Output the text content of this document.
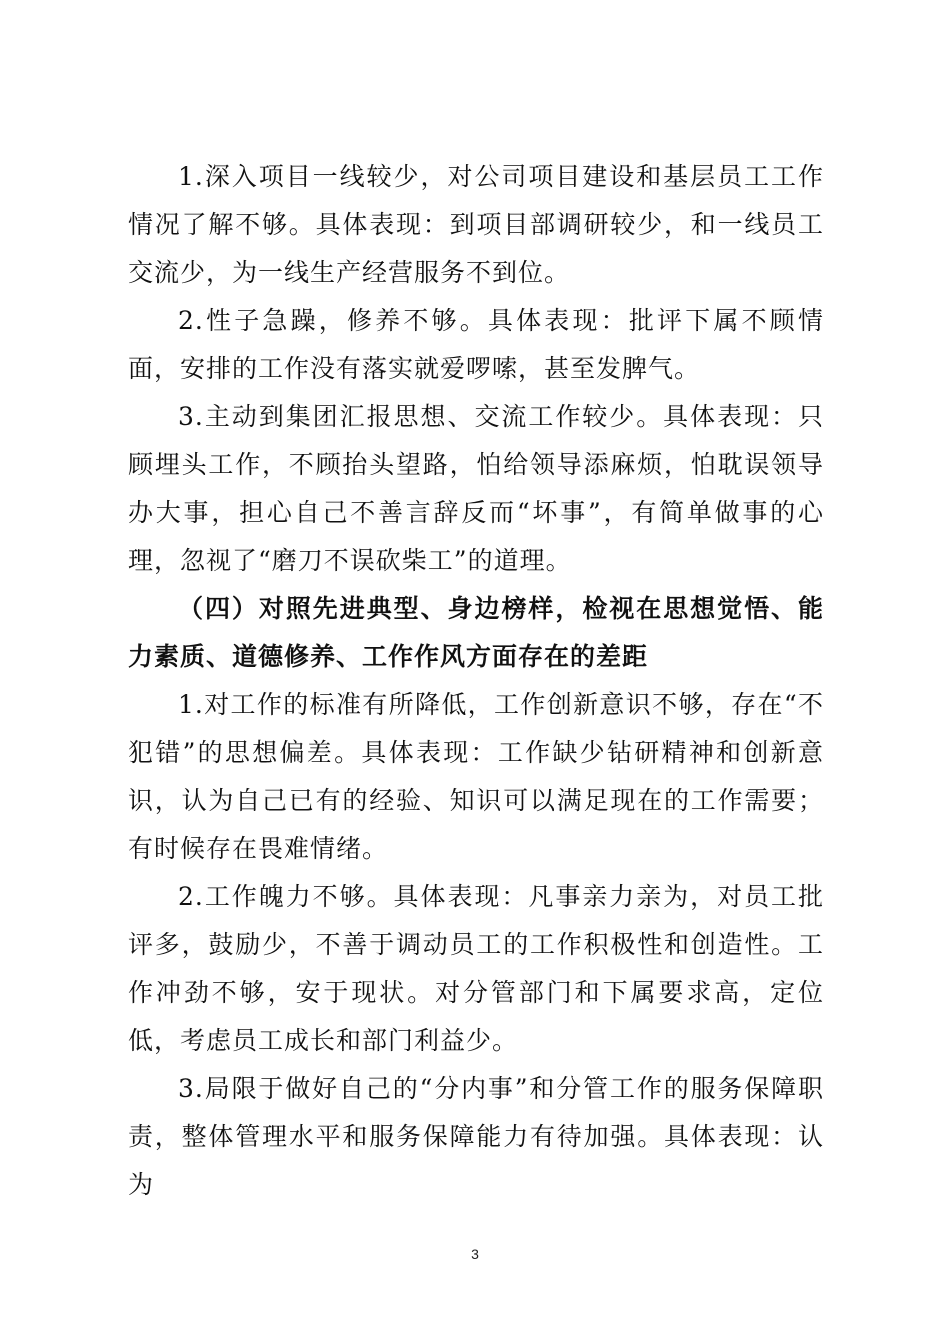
1.深入项目一线较少，对公司项目建设和基层员工工作情况了解不够。具体表现：到项目部调研较少，和一线员工交流少，为一线生产经营服务不到位。

2.性子急躁，修养不够。具体表现：批评下属不顾情面，安排的工作没有落实就爱啰嗦，甚至发脾气。

3.主动到集团汇报思想、交流工作较少。具体表现：只顾埋头工作，不顾抬头望路，怕给领导添麻烦，怕耽误领导办大事，担心自己不善言辞反而“坏事”，有简单做事的心理，忽视了“磨刀不误砍柴工”的道理。

（四）对照先进典型、身边榜样，检视在思想觉悟、能力素质、道德修养、工作作风方面存在的差距

1.对工作的标准有所降低，工作创新意识不够，存在“不犯错”的思想偏差。具体表现：工作缺少钻研精神和创新意识，认为自己已有的经验、知识可以满足现在的工作需要；有时候存在畏难情绪。

2.工作魄力不够。具体表现：凡事亲力亲为，对员工批评多，鼓励少，不善于调动员工的工作积极性和创造性。工作冲劲不够，安于现状。对分管部门和下属要求高，定位低，考虑员工成长和部门利益少。

3.局限于做好自己的“分内事”和分管工作的服务保障职责，整体管理水平和服务保障能力有待加强。具体表现：认为

3
